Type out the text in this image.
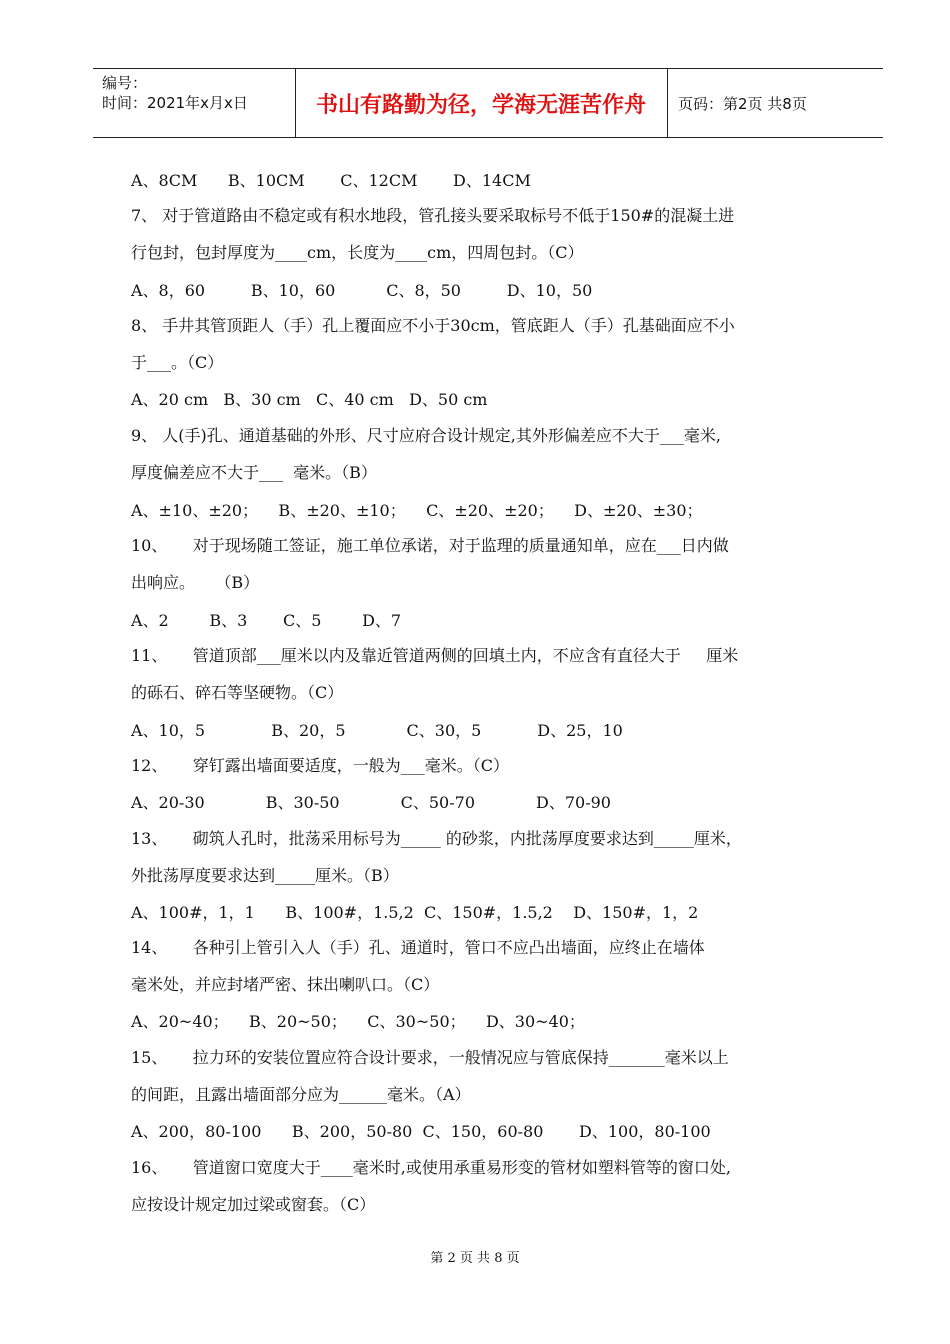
编号：
时间：2021年x月x日	书山有路勤为径，学海无涯苦作舟	页码：第2页 共8页
A、8CM      B、10CM       C、12CM       D、14CM
7、 对于管道路由不稳定或有积水地段，管孔接头要采取标号不低于150#的混凝土进
行包封，包封厚度为____cm，长度为____cm，四周包封。（C）
A、8，60         B、10，60          C、8，50         D、10，50
8、 手井其管顶距人（手）孔上覆面应不小于30cm，管底距人（手）孔基础面应不小
于___。（C）
A、20 cm   B、30 cm   C、40 cm   D、50 cm
9、 人(手)孔、通道基础的外形、尺寸应府合设计规定,其外形偏差应不大于___毫米,
厚度偏差应不大于___  毫米。（B）
A、±10、±20；    B、±20、±10；    C、±20、±20；    D、±20、±30；
10、     对于现场随工签证，施工单位承诺，对于监理的质量通知单，应在___日内做
出响应。    （B）
A、2        B、3       C、5        D、7
11、     管道顶部___厘米以内及靠近管道两侧的回填土内，不应含有直径大于     厘米
的砾石、碎石等坚硬物。（C）
A、10，5             B、20，5            C、30，5           D、25，10
12、     穿钉露出墙面要适度，一般为___毫米。（C）
A、20-30            B、30-50            C、50-70            D、70-90
13、     砌筑人孔时，批荡采用标号为_____ 的砂浆，内批荡厚度要求达到_____厘米，
外批荡厚度要求达到_____厘米。（B）
A、100#，1，1      B、100#，1.5,2  C、150#，1.5,2    D、150#，1，2
14、     各种引上管引入人（手）孔、通道时，管口不应凸出墙面，应终止在墙体
毫米处，并应封堵严密、抹出喇叭口。（C）
A、20~40；    B、20~50；    C、30~50；    D、30~40；
15、     拉力环的安装位置应符合设计要求，一般情况应与管底保持_______毫米以上
的间距，且露出墙面部分应为______毫米。（A）
A、200，80-100      B、200，50-80  C、150，60-80       D、100，80-100
16、     管道窗口宽度大于____毫米时,或使用承重易形变的管材如塑料管等的窗口处,
应按设计规定加过梁或窗套。（C）
第 2 页 共 8 页
